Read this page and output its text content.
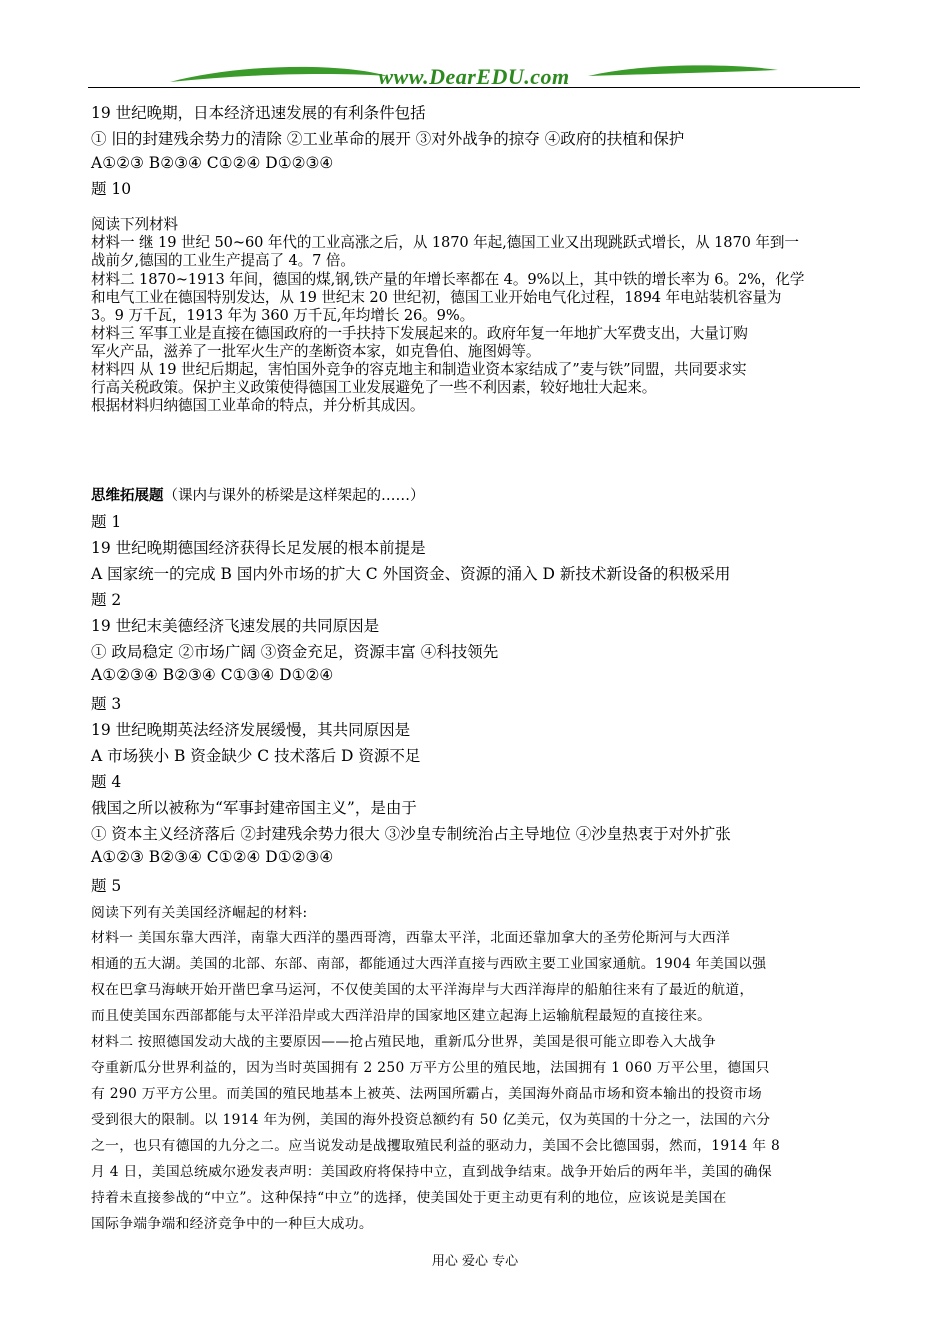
www.DearEDU.com
19 世纪晚期，日本经济迅速发展的有利条件包括
① 旧的封建残余势力的清除 ②工业革命的展开 ③对外战争的掠夺 ④政府的扶植和保护
A①②③ B②③④ C①②④ D①②③④
题 10
阅读下列材料
材料一 继 19 世纪 50~60 年代的工业高涨之后，从 1870 年起,德国工业又出现跳跃式增长，从 1870 年到一
战前夕,德国的工业生产提高了 4。7 倍。
材料二 1870~1913 年间，德国的煤,钢,铁产量的年增长率都在 4。9%以上，其中铁的增长率为 6。2%，化学
和电气工业在德国特别发达，从 19 世纪末 20 世纪初，德国工业开始电气化过程，1894 年电站装机容量为
3。9 万千瓦，1913 年为 360 万千瓦,年均增长 26。9%。
材料三 军事工业是直接在德国政府的一手扶持下发展起来的。政府年复一年地扩大军费支出，大量订购
军火产品，滋养了一批军火生产的垄断资本家，如克鲁伯、施图姆等。
材料四 从 19 世纪后期起，害怕国外竞争的容克地主和制造业资本家结成了”麦与铁”同盟，共同要求实
行高关税政策。保护主义政策使得德国工业发展避免了一些不利因素，较好地壮大起来。
根据材料归纳德国工业革命的特点，并分析其成因。
思维拓展题（课内与课外的桥梁是这样架起的……）
题 1
19 世纪晚期德国经济获得长足发展的根本前提是
A 国家统一的完成 B 国内外市场的扩大 C 外国资金、资源的涌入 D 新技术新设备的积极采用
题 2
19 世纪末美德经济飞速发展的共同原因是
① 政局稳定 ②市场广阔 ③资金充足，资源丰富 ④科技领先
A①②③④ B②③④ C①③④ D①②④
题 3
19 世纪晚期英法经济发展缓慢，其共同原因是
A 市场狭小 B 资金缺少 C 技术落后 D 资源不足
题 4
俄国之所以被称为“军事封建帝国主义”，是由于
① 资本主义经济落后 ②封建残余势力很大 ③沙皇专制统治占主导地位 ④沙皇热衷于对外扩张
A①②③ B②③④ C①②④ D①②③④
题 5
阅读下列有关美国经济崛起的材料:
材料一 美国东靠大西洋，南靠大西洋的墨西哥湾，西靠太平洋，北面还靠加拿大的圣劳伦斯河与大西洋
相通的五大湖。美国的北部、东部、南部，都能通过大西洋直接与西欧主要工业国家通航。1904 年美国以强
权在巴拿马海峡开始开凿巴拿马运河，不仅使美国的太平洋海岸与大西洋海岸的船舶往来有了最近的航道，
而且使美国东西部都能与太平洋沿岸或大西洋沿岸的国家地区建立起海上运输航程最短的直接往来。
材料二 按照德国发动大战的主要原因——抢占殖民地，重新瓜分世界，美国是很可能立即卷入大战争
夺重新瓜分世界利益的，因为当时英国拥有 2 250 万平方公里的殖民地，法国拥有 1 060 万平公里，德国只
有 290 万平方公里。而美国的殖民地基本上被英、法两国所霸占，美国海外商品市场和资本输出的投资市场
受到很大的限制。以 1914 年为例，美国的海外投资总额约有 50 亿美元，仅为英国的十分之一，法国的六分
之一，也只有德国的九分之二。应当说发动是战攫取殖民利益的驱动力，美国不会比德国弱，然而，1914 年 8
月 4 日，美国总统威尔逊发表声明：美国政府将保持中立，直到战争结束。战争开始后的两年半，美国的确保
持着未直接参战的“中立”。这种保持“中立”的选择，使美国处于更主动更有利的地位，应该说是美国在
国际争端争端和经济竞争中的一种巨大成功。
用心 爱心 专心
